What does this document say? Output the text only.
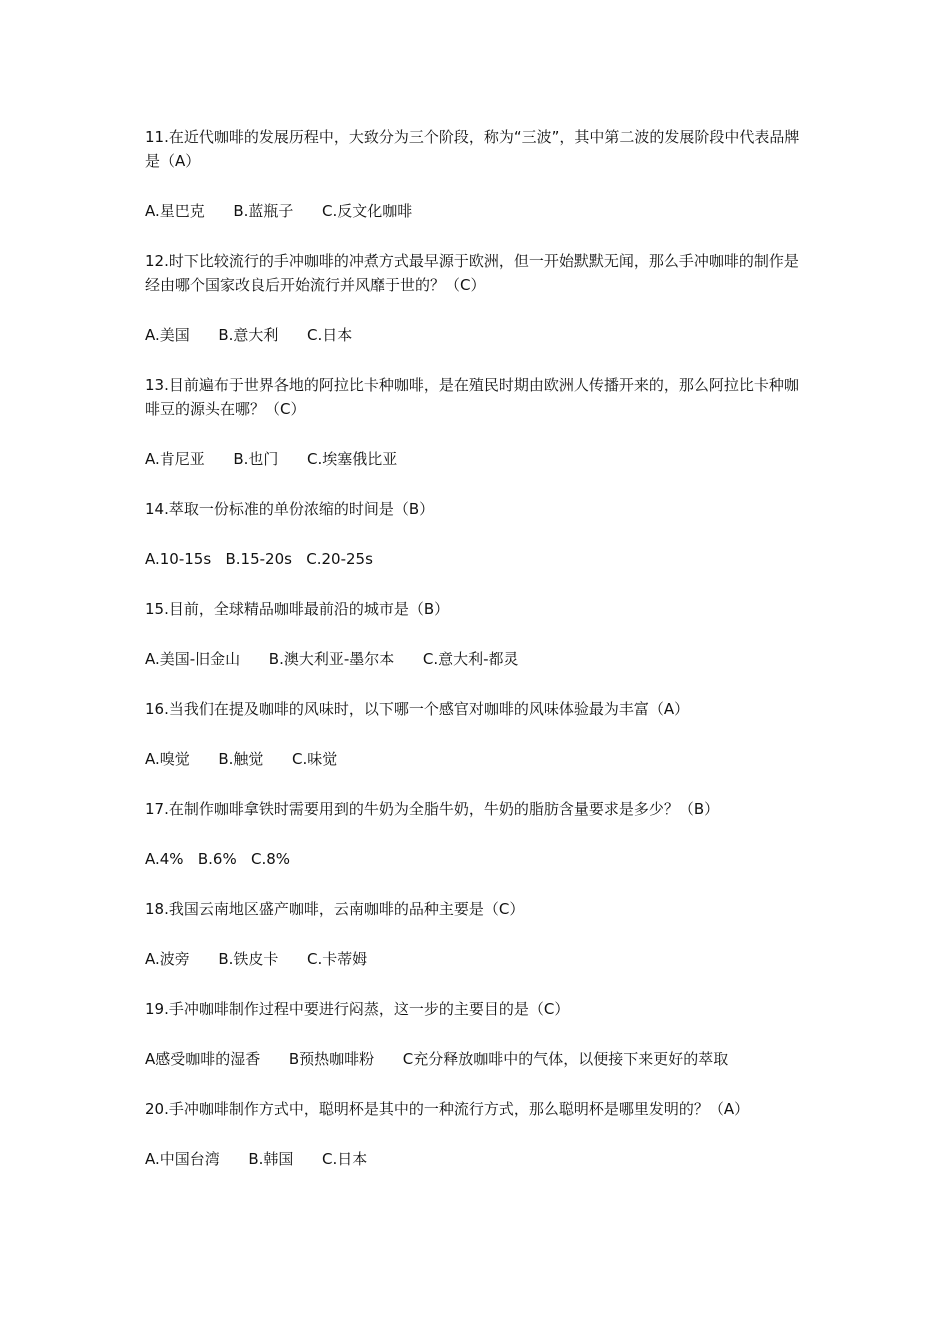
11.在近代咖啡的发展历程中，大致分为三个阶段，称为“三波”，其中第二波的发展阶段中代表品牌是（A）

A.星巴克      B.蓝瓶子      C.反文化咖啡

12.时下比较流行的手冲咖啡的冲煮方式最早源于欧洲，但一开始默默无闻，那么手冲咖啡的制作是经由哪个国家改良后开始流行并风靡于世的？（C）

A.美国      B.意大利      C.日本

13.目前遍布于世界各地的阿拉比卡种咖啡，是在殖民时期由欧洲人传播开来的，那么阿拉比卡种咖啡豆的源头在哪？（C）

A.肯尼亚      B.也门      C.埃塞俄比亚

14.萃取一份标准的单份浓缩的时间是（B）

A.10-15s   B.15-20s   C.20-25s

15.目前，全球精品咖啡最前沿的城市是（B）

A.美国-旧金山      B.澳大利亚-墨尔本      C.意大利-都灵

16.当我们在提及咖啡的风味时，以下哪一个感官对咖啡的风味体验最为丰富（A）

A.嗅觉      B.触觉      C.味觉

17.在制作咖啡拿铁时需要用到的牛奶为全脂牛奶，牛奶的脂肪含量要求是多少？（B）

A.4%   B.6%   C.8%

18.我国云南地区盛产咖啡，云南咖啡的品种主要是（C）

A.波旁      B.铁皮卡      C.卡蒂姆

19.手冲咖啡制作过程中要进行闷蒸，这一步的主要目的是（C）

A感受咖啡的湿香      B预热咖啡粉      C充分释放咖啡中的气体，以便接下来更好的萃取

20.手冲咖啡制作方式中，聪明杯是其中的一种流行方式，那么聪明杯是哪里发明的？（A）

A.中国台湾      B.韩国      C.日本
